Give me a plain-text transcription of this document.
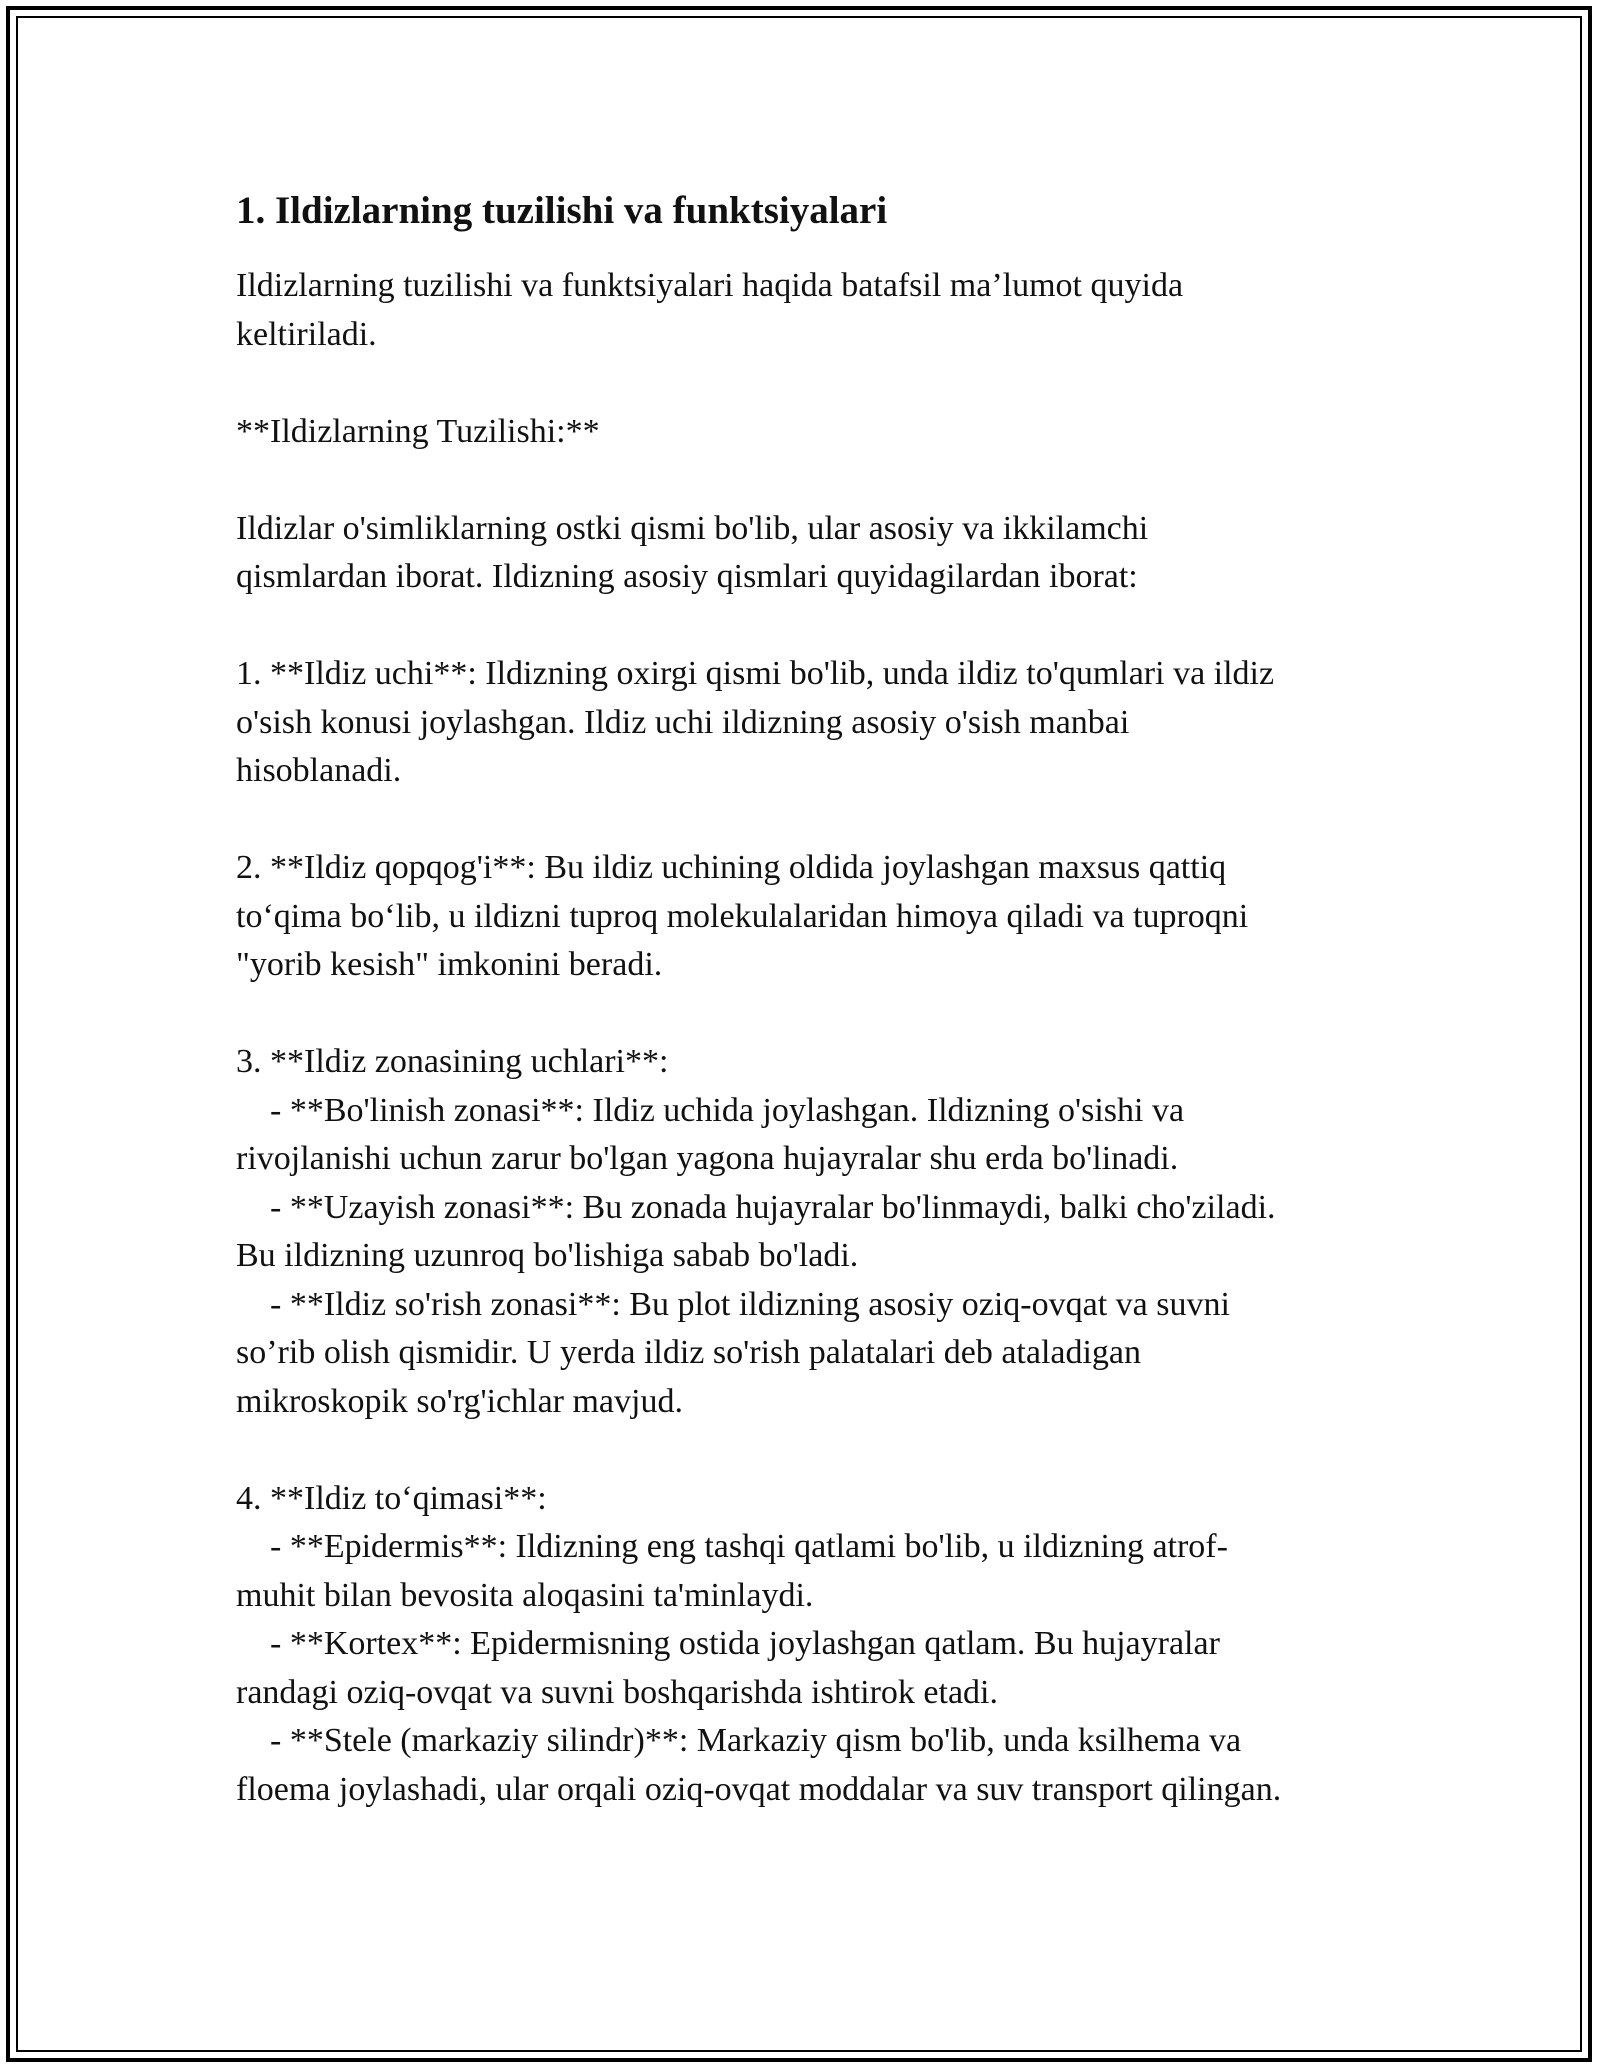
1. Ildizlarning tuzilishi va funktsiyalari

Ildizlarning tuzilishi va funktsiyalari haqida batafsil ma’lumot quyida

keltiriladi.

**Ildizlarning Tuzilishi:**

Ildizlar o'simliklarning ostki qismi bo'lib, ular asosiy va ikkilamchi

qismlardan iborat. Ildizning asosiy qismlari quyidagilardan iborat:

1. **Ildiz uchi**: Ildizning oxirgi qismi bo'lib, unda ildiz to'qumlari va ildiz

o'sish konusi joylashgan. Ildiz uchi ildizning asosiy o'sish manbai

hisoblanadi.

2. **Ildiz qopqog'i**: Bu ildiz uchining oldida joylashgan maxsus qattiq

to‘qima bo‘lib, u ildizni tuproq molekulalaridan himoya qiladi va tuproqni

"yorib kesish" imkonini beradi.

3. **Ildiz zonasining uchlari**:

- **Bo'linish zonasi**: Ildiz uchida joylashgan. Ildizning o'sishi va

rivojlanishi uchun zarur bo'lgan yagona hujayralar shu erda bo'linadi.

- **Uzayish zonasi**: Bu zonada hujayralar bo'linmaydi, balki cho'ziladi.

Bu ildizning uzunroq bo'lishiga sabab bo'ladi.

- **Ildiz so'rish zonasi**: Bu plot ildizning asosiy oziq-ovqat va suvni

so’rib olish qismidir. U yerda ildiz so'rish palatalari deb ataladigan

mikroskopik so'rg'ichlar mavjud.

4. **Ildiz to‘qimasi**:

- **Epidermis**: Ildizning eng tashqi qatlami bo'lib, u ildizning atrof-

muhit bilan bevosita aloqasini ta'minlaydi.

- **Kortex**: Epidermisning ostida joylashgan qatlam. Bu hujayralar

randagi oziq-ovqat va suvni boshqarishda ishtirok etadi.

- **Stele (markaziy silindr)**: Markaziy qism bo'lib, unda ksilhema va

floema joylashadi, ular orqali oziq-ovqat moddalar va suv transport qilingan.
